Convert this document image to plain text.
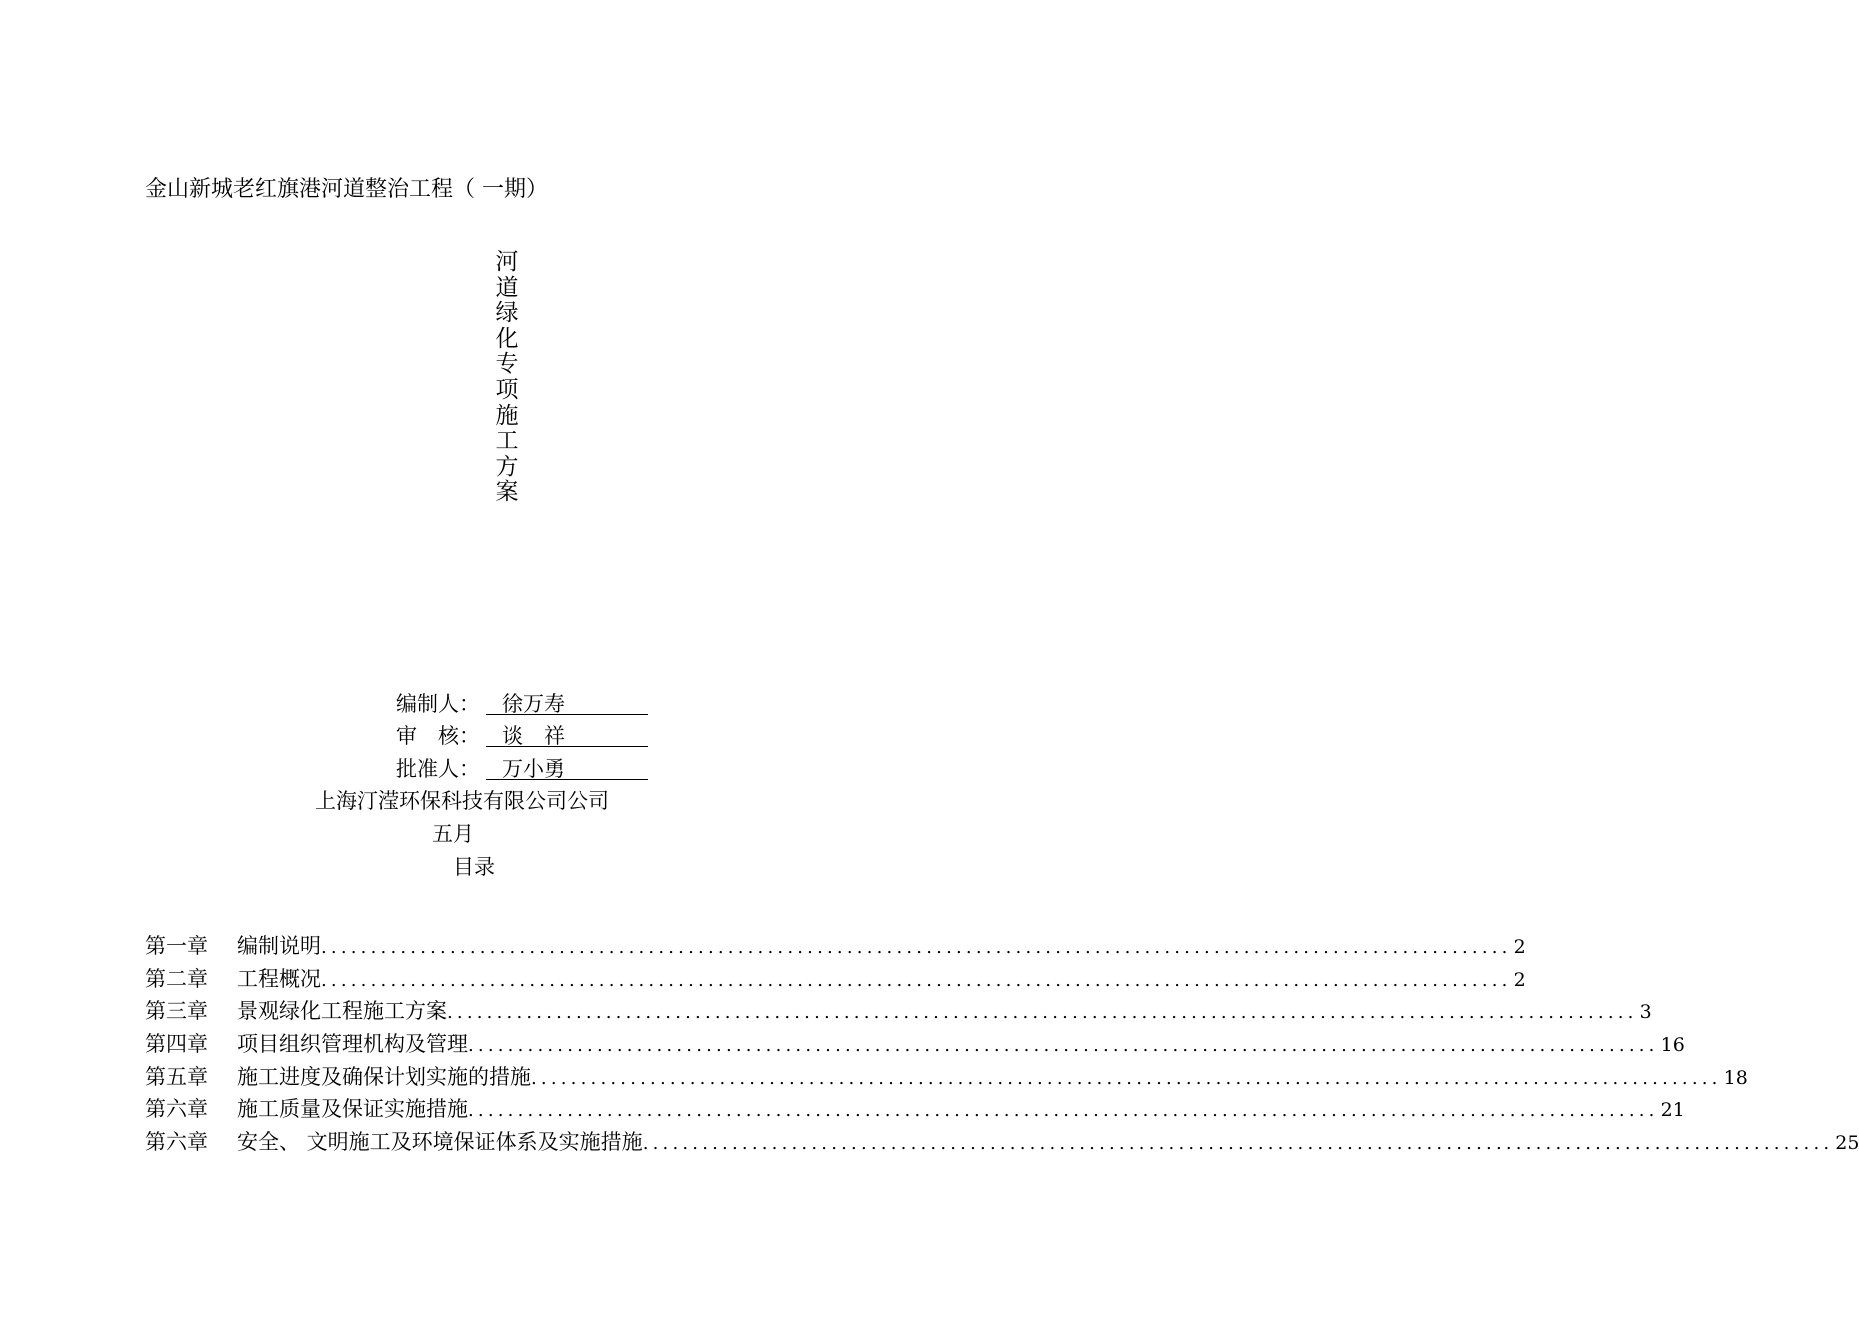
金山新城老红旗港河道整治工程（ 一期）
河道绿化专项施工方案
编制人： 徐万寿
审　核： 谈　祥
批准人： 万小勇
上海汀滢环保科技有限公司公司
五月
目录
第一章	编制说明 ........................................................................................................................ 2
第二章	工程概况 ........................................................................................................................ 2
第三章	景观绿化工程施工方案 ........................................................................................................................ 3
第四章	项目组织管理机构及管理 ........................................................................................................................ 16
第五章	施工进度及确保计划实施的措施 ........................................................................................................................ 18
第六章	施工质量及保证实施措施 ........................................................................................................................ 21
第六章	安全、 文明施工及环境保证体系及实施措施 ........................................................................................................................ 25
